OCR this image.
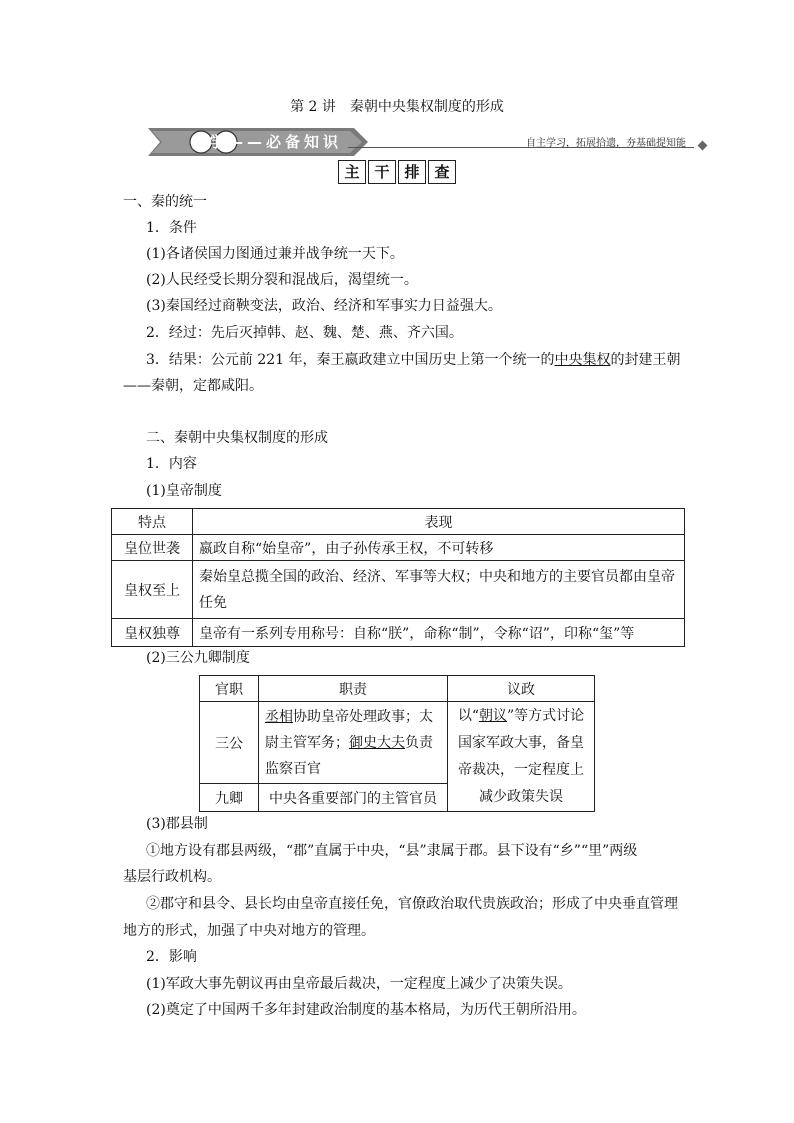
第 2 讲　秦朝中央集权制度的形成
自学——必备知识	自主学习，拓展拾遗，夯基础提知能
主 干 排 查
一、秦的统一
1．条件
(1)各诸侯国力图通过兼并战争统一天下。
(2)人民经受长期分裂和混战后，渴望统一。
(3)秦国经过商鞅变法，政治、经济和军事实力日益强大。
2．经过：先后灭掉韩、赵、魏、楚、燕、齐六国。
3．结果：公元前 221 年，秦王嬴政建立中国历史上第一个统一的中央集权的封建王朝
——秦朝，定都咸阳。
二、秦朝中央集权制度的形成
1．内容
(1)皇帝制度
特点	表现
皇位世袭	嬴政自称“始皇帝”，由子孙传承王权，不可转移
皇权至上	秦始皇总揽全国的政治、经济、军事等大权；中央和地方的主要官员都由皇帝任免
皇权独尊	皇帝有一系列专用称号：自称“朕”，命称“制”，令称“诏”，印称“玺”等
(2)三公九卿制度
官职	职责	议政
三公	丞相协助皇帝处理政事；太尉主管军务；御史大夫负责监察百官	以“朝议”等方式讨论国家军政大事，备皇帝裁决，一定程度上减少政策失误
九卿	中央各重要部门的主管官员	
(3)郡县制
①地方设有郡县两级，“郡”直属于中央，“县”隶属于郡。县下设有“乡”“里”两级
基层行政机构。
②郡守和县令、县长均由皇帝直接任免，官僚政治取代贵族政治；形成了中央垂直管理
地方的形式，加强了中央对地方的管理。
2．影响
(1)军政大事先朝议再由皇帝最后裁决，一定程度上减少了决策失误。
(2)奠定了中国两千多年封建政治制度的基本格局，为历代王朝所沿用。
